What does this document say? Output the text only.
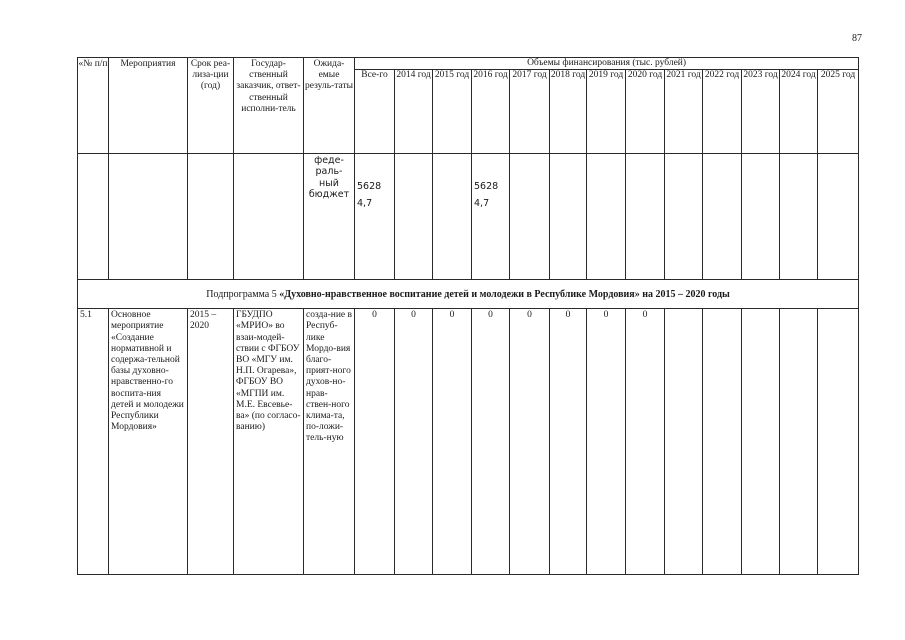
87
«№ п/п	Мероприятия	Срок реа-лиза-ции (год)	Государ-ственный заказчик, ответ-ственный исполни-тель	Ожида-емые резуль-таты	Объемы финансирования (тыс. рублей)												
					Все-го	2014 год	2015 год	2016 год	2017 год	2018 год	2019 год	2020 год	2021 год	2022 год	2023 год	2024 год	2025 год
				феде-раль-ный бюджет	5628 4,7			5628 4,7									
Подпрограмма 5 «Духовно-нравственное воспитание детей и молодежи в Республике Мордовия» на 2015 – 2020 годы																	
5.1	Основное мероприятие «Создание нормативной и содержа-тельной базы духовно-нравственно-го воспита-ния детей и молодежи Республики Мордовия»	2015 – 2020	ГБУДПО «МРИО» во взаи-модей-ствии с ФГБОУ ВО «МГУ им. Н.П. Огарева», ФГБОУ ВО «МГПИ им. М.Е. Евсевье-ва» (по согласо-ванию)	созда-ние в Респуб-лике Мордо-вия благо-прият-ного духов-но-нрав-ствен-ного клима-та, по-ложи-тель-ную	0	0	0	0	0	0	0	0					
